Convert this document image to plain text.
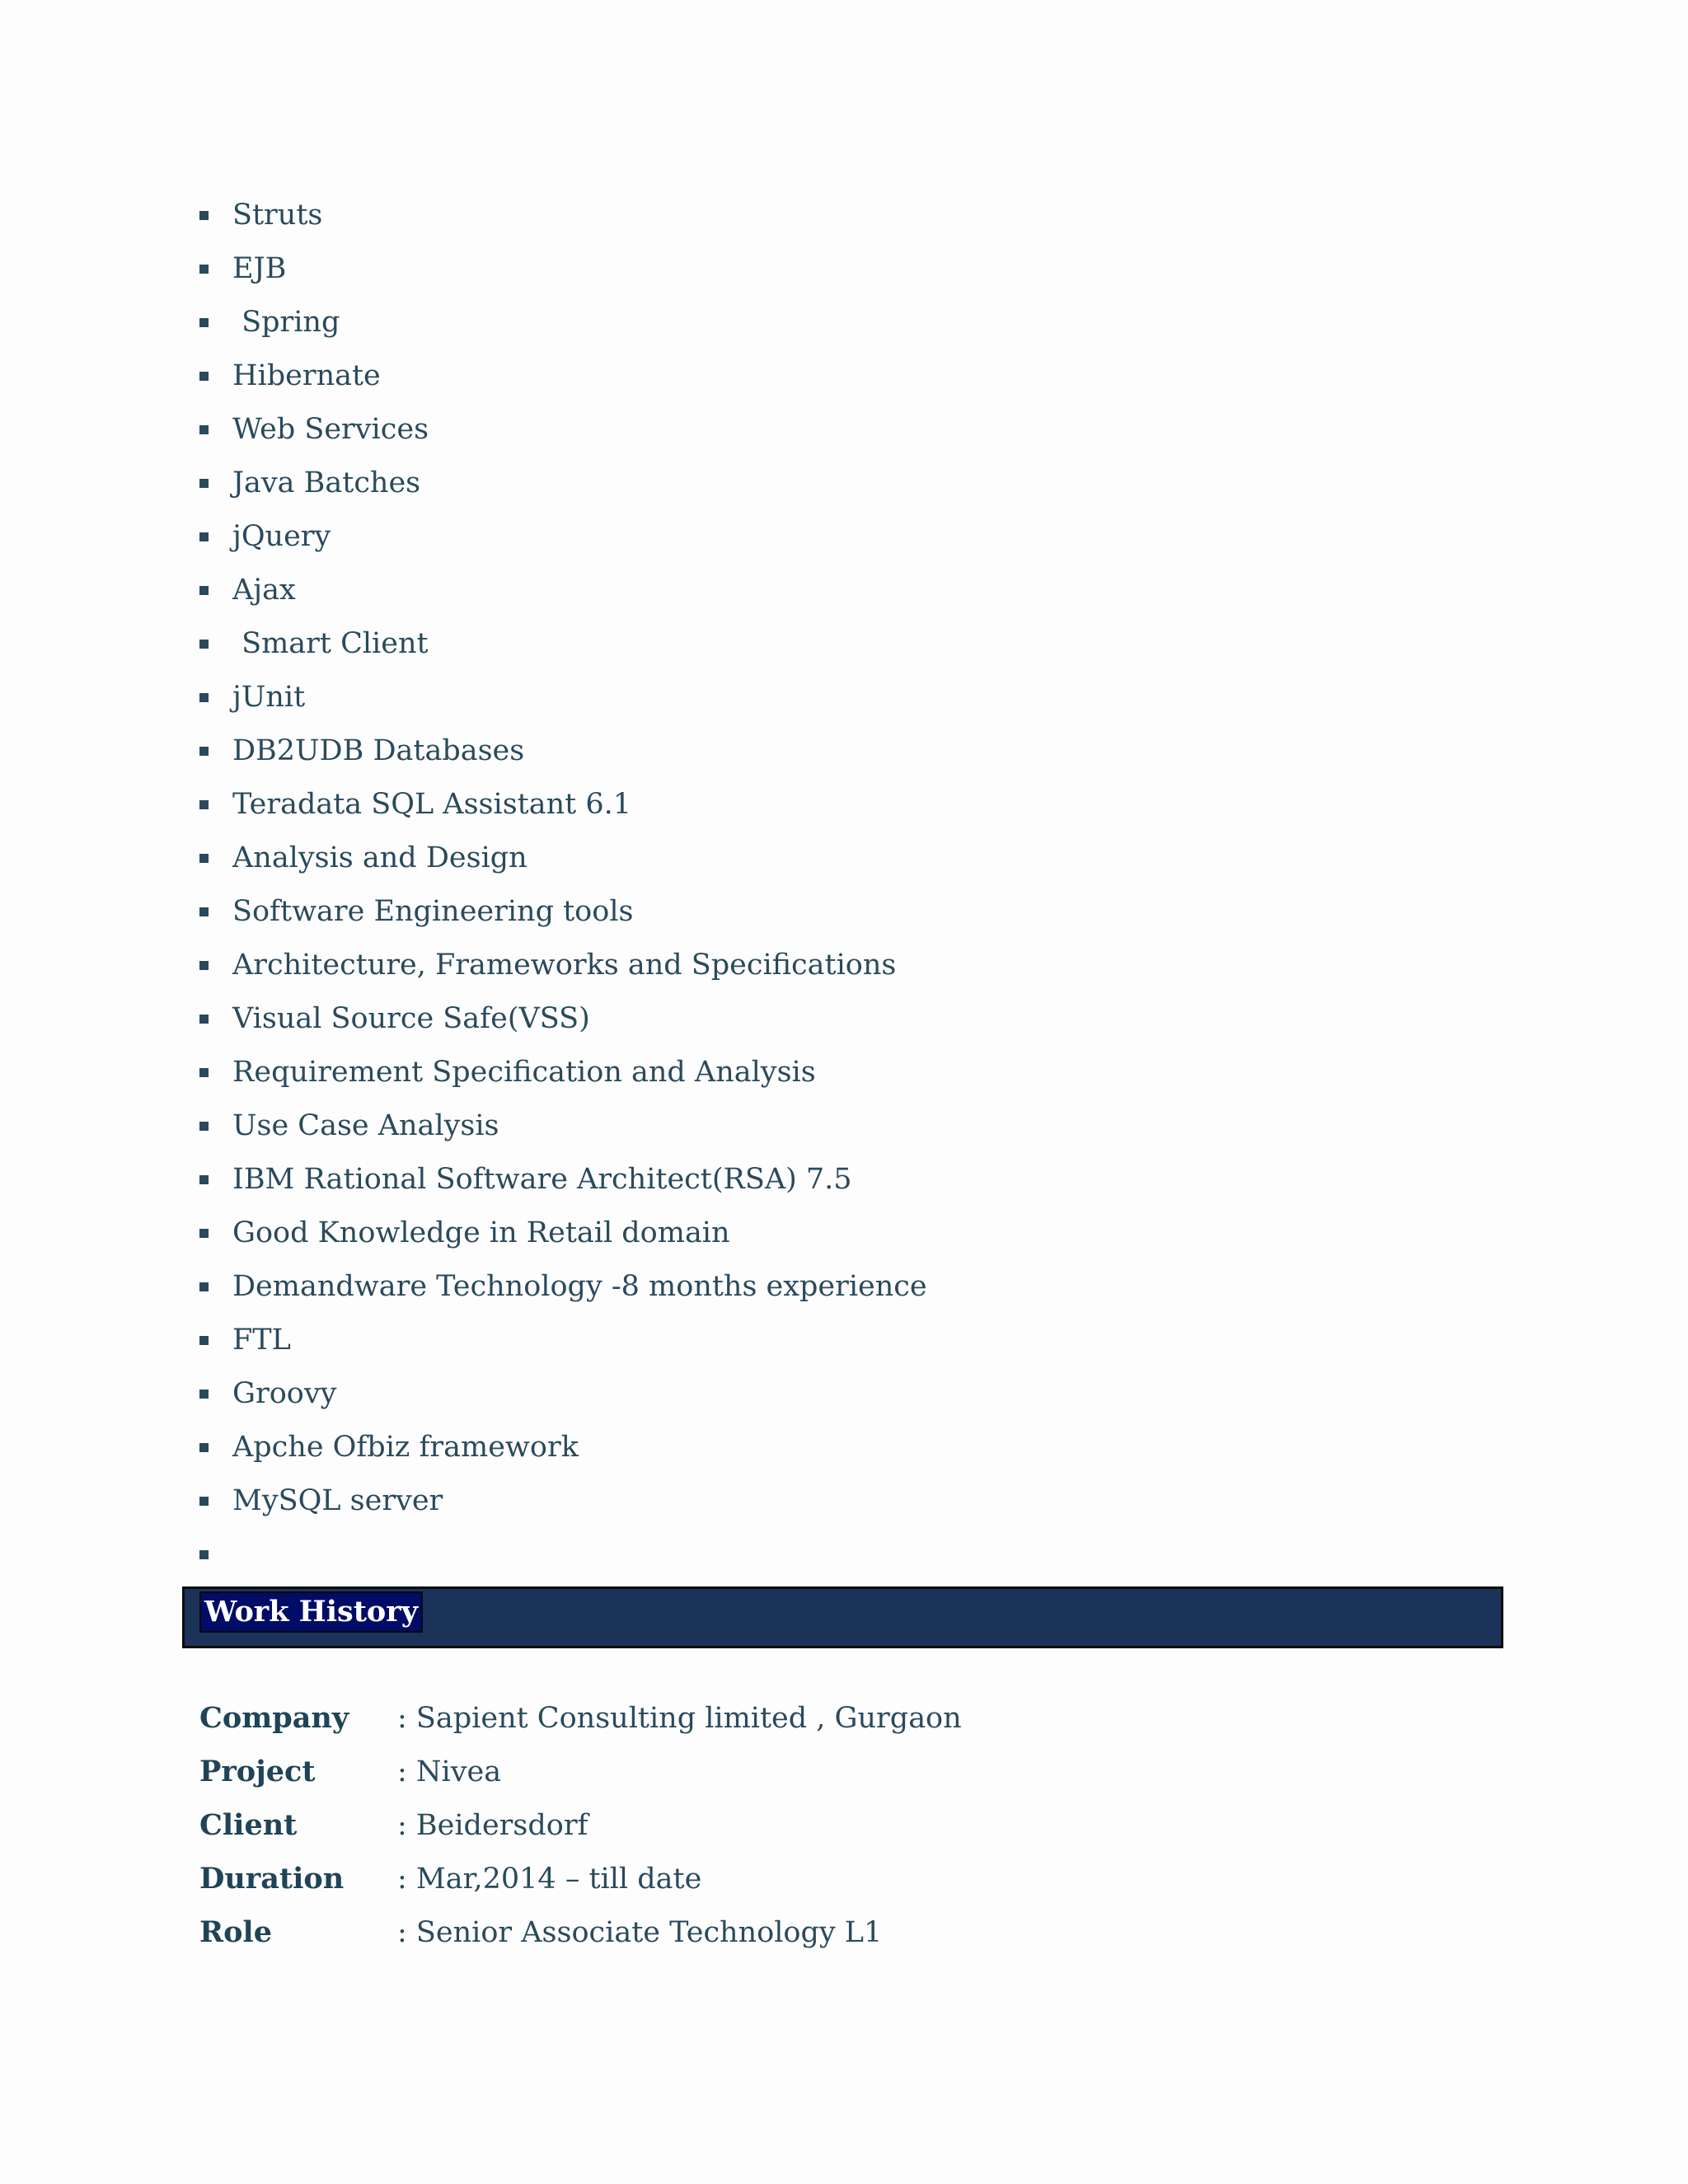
Struts
EJB
Spring
Hibernate
Web Services
Java Batches
jQuery
Ajax
Smart Client
jUnit
DB2UDB Databases
Teradata SQL Assistant 6.1
Analysis and Design
Software Engineering tools
Architecture, Frameworks and Specifications
Visual Source Safe(VSS)
Requirement Specification and Analysis
Use Case Analysis
IBM Rational Software Architect(RSA) 7.5
Good Knowledge in Retail domain
Demandware Technology -8 months experience
FTL
Groovy
Apche Ofbiz framework
MySQL server
Work History
Company : Sapient Consulting limited , Gurgaon
Project	: Nivea
Client	: Beidersdorf
Duration : Mar,2014 – till date
Role	: Senior Associate Technology L1
